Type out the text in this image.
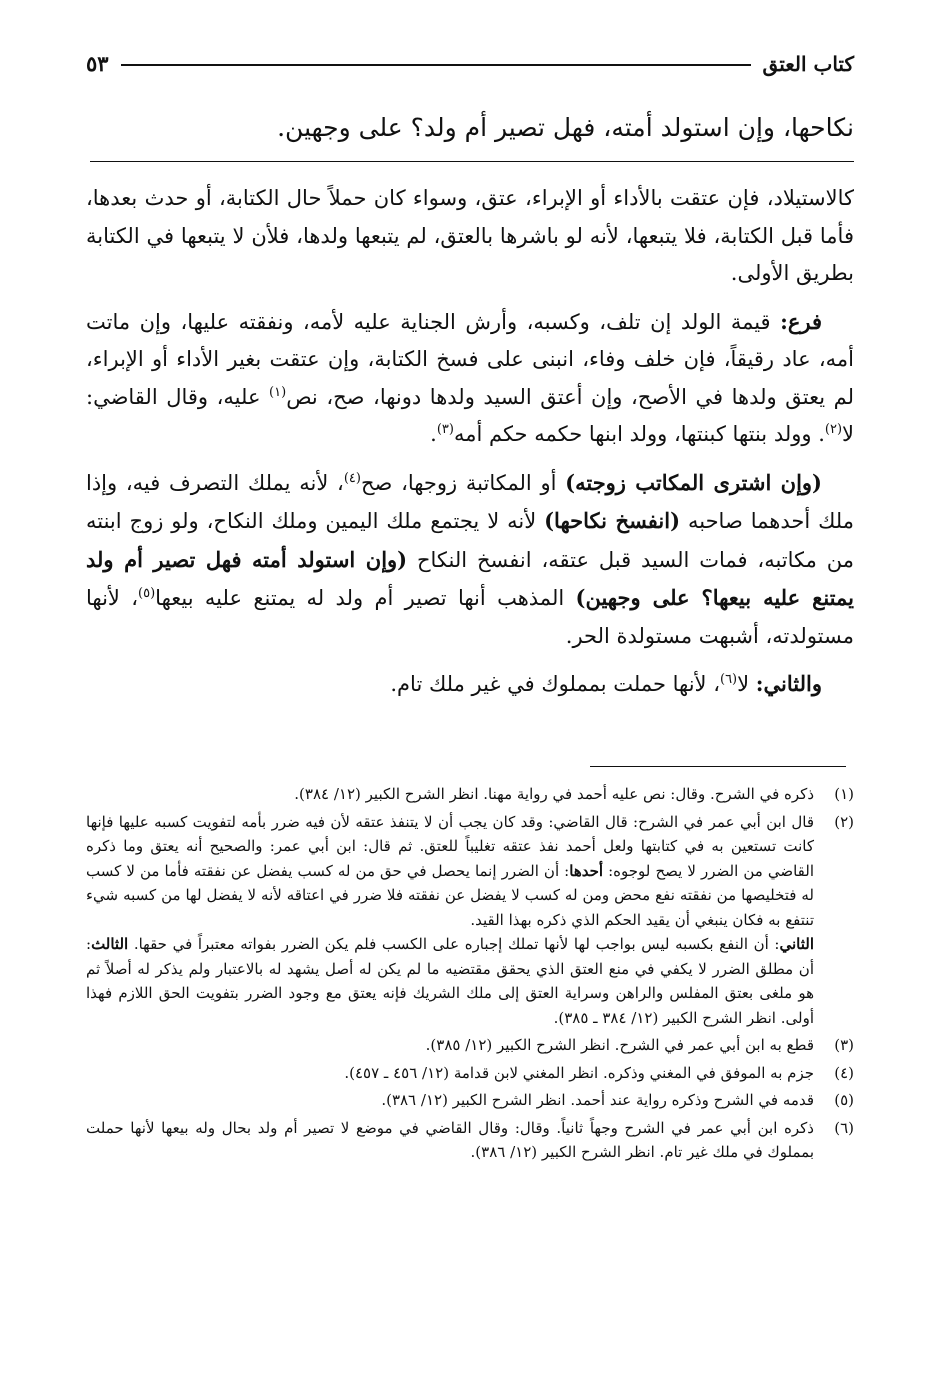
كتاب العتق
٥٣
نكاحها، وإن استولد أمته، فهل تصير أم ولد؟ على وجهين.

كالاستيلاد، فإن عتقت بالأداء أو الإبراء، عتق، وسواء كان حملاً حال الكتابة، أو حدث بعدها، فأما قبل الكتابة، فلا يتبعها، لأنه لو باشرها بالعتق، لم يتبعها ولدها، فلأن لا يتبعها في الكتابة بطريق الأولى.

فرع: قيمة الولد إن تلف، وكسبه، وأرش الجناية عليه لأمه، ونفقته عليها، وإن ماتت أمه، عاد رقيقاً، فإن خلف وفاء، انبنى على فسخ الكتابة، وإن عتقت بغير الأداء أو الإبراء، لم يعتق ولدها في الأصح، وإن أعتق السيد ولدها دونها، صح، نص$^{(١)}$ عليه، وقال القاضي: لا$^{(٢)}$. وولد بنتها كبنتها، وولد ابنها حكمه حكم أمه$^{(٣)}$.

(وإن اشترى المكاتب زوجته) أو المكاتبة زوجها، صح$^{(٤)}$، لأنه يملك التصرف فيه، وإذا ملك أحدهما صاحبه (انفسخ نكاحها) لأنه لا يجتمع ملك اليمين وملك النكاح، ولو زوج ابنته من مكاتبه، فمات السيد قبل عتقه، انفسخ النكاح (وإن استولد أمته فهل تصير أم ولد يمتنع عليه بيعها؟ على وجهين) المذهب أنها تصير أم ولد له يمتنع عليه بيعها$^{(٥)}$، لأنها مستولدته، أشبهت مستولدة الحر.

والثاني: لا$^{(٦)}$، لأنها حملت بمملوك في غير ملك تام.

(١)
ذكره في الشرح. وقال: نص عليه أحمد في رواية مهنا. انظر الشرح الكبير (١٢/ ٣٨٤).
(٢)

قال ابن أبي عمر في الشرح: قال القاضي: وقد كان يجب أن لا يتنفذ عتقه لأن فيه ضرر بأمه لتفويت كسبه عليها فإنها كانت تستعين به في كتابتها ولعل أحمد نفذ عتقه تغليباً للعتق. ثم قال: ابن أبي عمر: والصحيح أنه يعتق وما ذكره القاضي من الضرر لا يصح لوجوه: أحدها: أن الضرر إنما يحصل في حق من له كسب يفضل عن نفقته فأما من لا كسب له فتخليصها من نفقته نفع محض ومن له كسب لا يفضل عن نفقته فلا ضرر في اعتاقه لأنه لا يفضل لها من كسبه شيء تنتفع به فكان ينبغي أن يقيد الحكم الذي ذكره بهذا القيد.

الثاني: أن النفع بكسبه ليس بواجب لها لأنها تملك إجباره على الكسب فلم يكن الضرر بفواته معتبراً في حقها. الثالث: أن مطلق الضرر لا يكفي في منع العتق الذي يحقق مقتضيه ما لم يكن له أصل يشهد له بالاعتبار ولم يذكر له أصلاً ثم هو ملغى بعتق المفلس والراهن وسراية العتق إلى ملك الشريك فإنه يعتق مع وجود الضرر بتفويت الحق اللازم فهذا أولى. انظر الشرح الكبير (١٢/ ٣٨٤ ـ ٣٨٥).

(٣)
قطع به ابن أبي عمر في الشرح. انظر الشرح الكبير (١٢/ ٣٨٥).
(٤)
جزم به الموفق في المغني وذكره. انظر المغني لابن قدامة (١٢/ ٤٥٦ ـ ٤٥٧).
(٥)
قدمه في الشرح وذكره رواية عند أحمد. انظر الشرح الكبير (١٢/ ٣٨٦).
(٦)
ذكره ابن أبي عمر في الشرح وجهاً ثانياً. وقال: وقال القاضي في موضع لا تصير أم ولد بحال وله بيعها لأنها حملت بمملوك في ملك غير تام. انظر الشرح الكبير (١٢/ ٣٨٦).
